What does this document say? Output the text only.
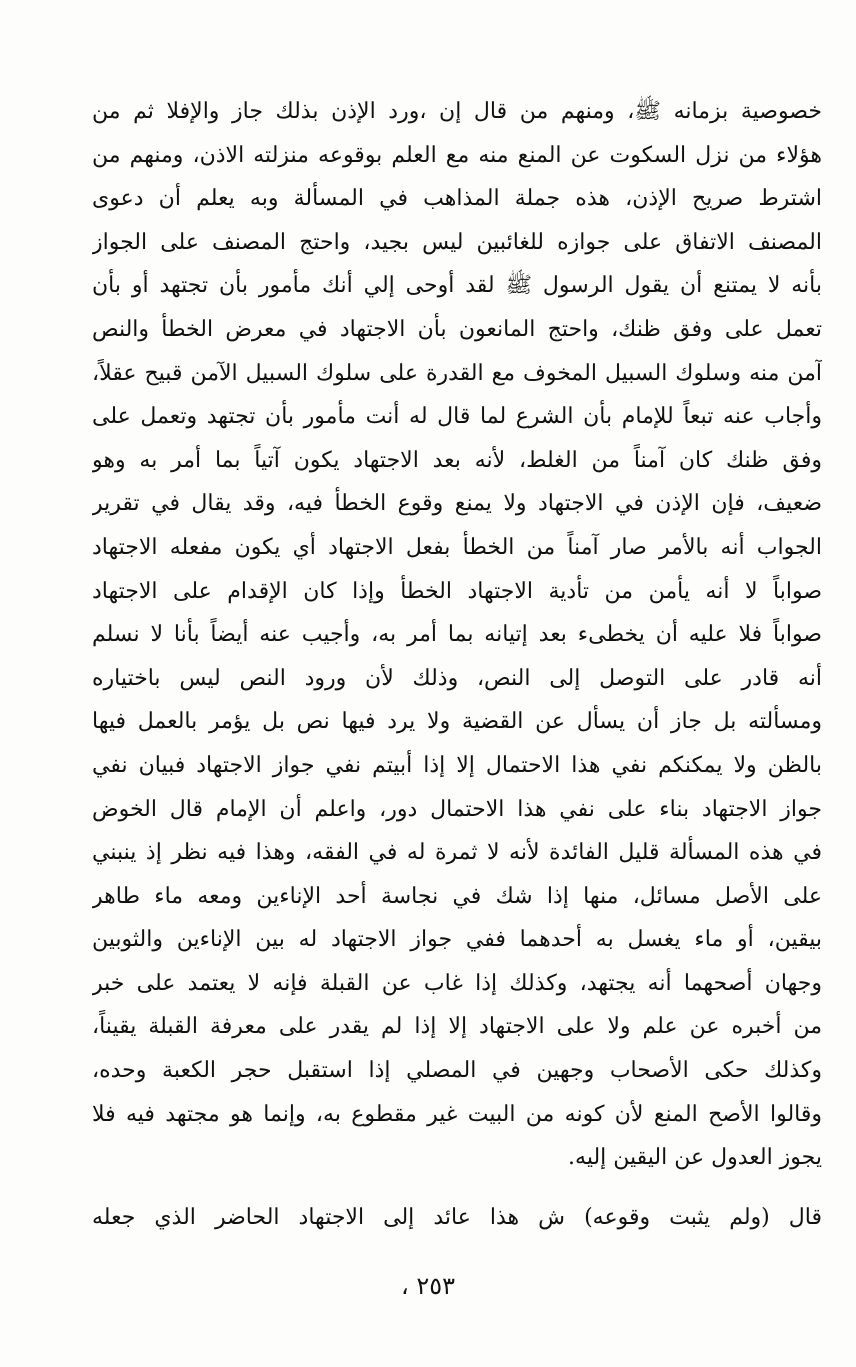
خصوصية بزمانه ﷺ، ومنهم من قال إن ،ورد الإذن بذلك جاز والإفلا ثم من
هؤلاء من نزل السكوت عن المنع منه مع العلم بوقوعه منزلته الاذن، ومنهم من
اشترط صريح الإذن، هذه جملة المذاهب في المسألة وبه يعلم أن دعوى
المصنف الاتفاق على جوازه للغائبين ليس بجيد، واحتج المصنف على الجواز
بأنه لا يمتنع أن يقول الرسول ﷺ لقد أوحى إلي أنك مأمور بأن تجتهد أو بأن
تعمل على وفق ظنك، واحتج المانعون بأن الاجتهاد في معرض الخطأ والنص
آمن منه وسلوك السبيل المخوف مع القدرة على سلوك السبيل الآمن قبيح عقلاً،
وأجاب عنه تبعاً للإمام بأن الشرع لما قال له أنت مأمور بأن تجتهد وتعمل على
وفق ظنك كان آمناً من الغلط، لأنه بعد الاجتهاد يكون آتياً بما أمر به وهو
ضعيف، فإن الإذن في الاجتهاد ولا يمنع وقوع الخطأ فيه، وقد يقال في تقرير
الجواب أنه بالأمر صار آمناً من الخطأ بفعل الاجتهاد أي يكون مفعله الاجتهاد
صواباً لا أنه يأمن من تأدية الاجتهاد الخطأ وإذا كان الإقدام على الاجتهاد
صواباً فلا عليه أن يخطىء بعد إتيانه بما أمر به، وأجيب عنه أيضاً بأنا لا نسلم
أنه قادر على التوصل إلى النص، وذلك لأن ورود النص ليس باختياره
ومسألته بل جاز أن يسأل عن القضية ولا يرد فيها نص بل يؤمر بالعمل فيها
بالظن ولا يمكنكم نفي هذا الاحتمال إلا إذا أبيتم نفي جواز الاجتهاد فبيان نفي
جواز الاجتهاد بناء على نفي هذا الاحتمال دور، واعلم أن الإمام قال الخوض
في هذه المسألة قليل الفائدة لأنه لا ثمرة له في الفقه، وهذا فيه نظر إذ ينبني
على الأصل مسائل، منها إذا شك في نجاسة أحد الإناءين ومعه ماء طاهر
بيقين، أو ماء يغسل به أحدهما ففي جواز الاجتهاد له بين الإناءين والثوبين
وجهان أصحهما أنه يجتهد، وكذلك إذا غاب عن القبلة فإنه لا يعتمد على خبر
من أخبره عن علم ولا على الاجتهاد إلا إذا لم يقدر على معرفة القبلة يقيناً،
وكذلك حكى الأصحاب وجهين في المصلي إذا استقبل حجر الكعبة وحده،
وقالوا الأصح المنع لأن كونه من البيت غير مقطوع به، وإنما هو مجتهد فيه فلا
يجوز العدول عن اليقين إليه.
قال (ولم يثبت وقوعه) ش هذا عائد إلى الاجتهاد الحاضر الذي جعله
٢٥٣ ،
